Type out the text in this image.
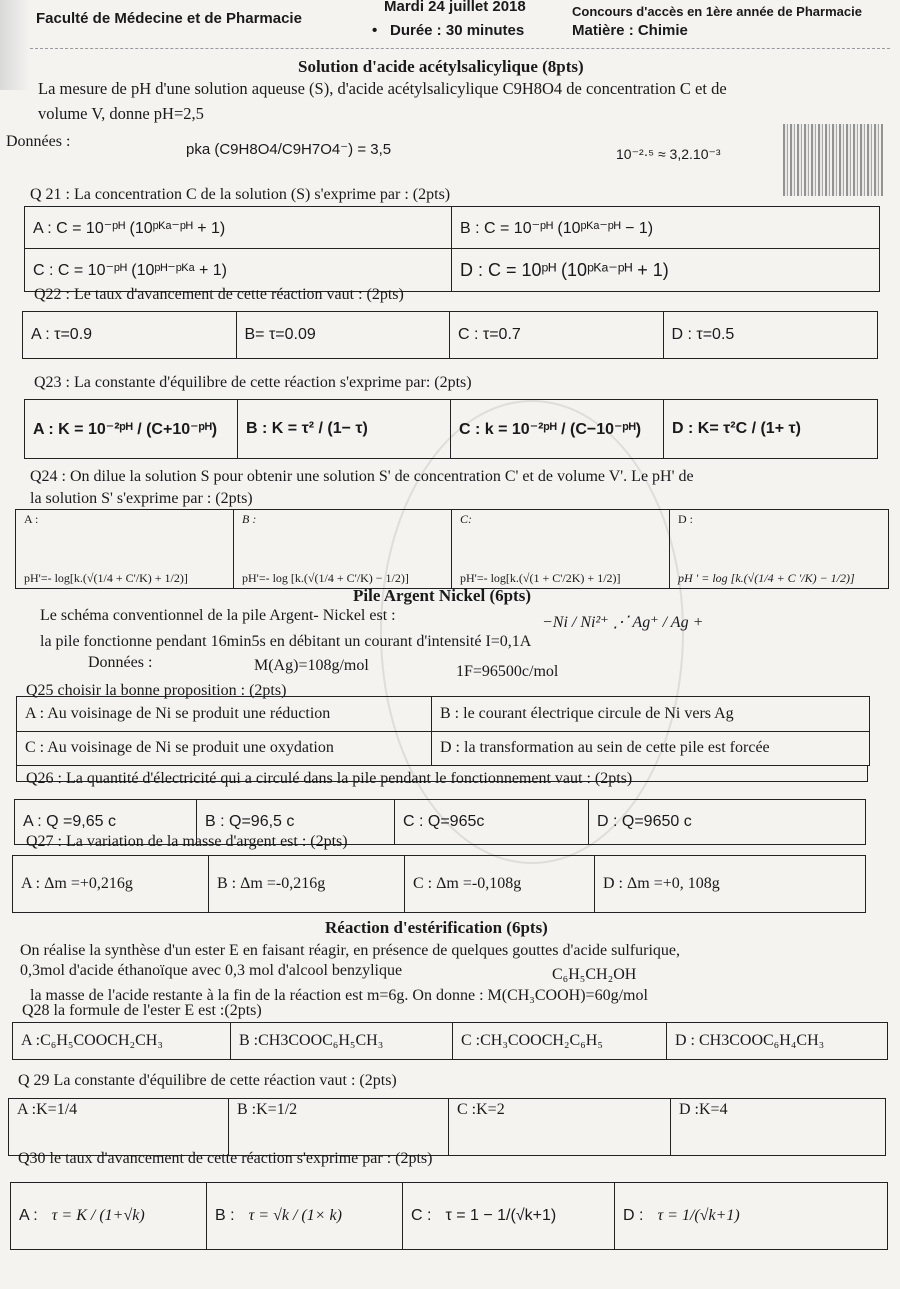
Faculté de Médecine et de Pharmacie
Mardi 24 juillet 2018
• Durée : 30 minutes
Concours d'accès en 1ère année de Pharmacie
Matière : Chimie
Solution d'acide acétylsalicylique (8pts)
La mesure de pH d'une solution aqueuse (S), d'acide acétylsalicylique C9H8O4 de concentration C et de
volume V, donne pH=2,5
Données :	pka (C9H8O4/C9H7O4⁻) = 3,5	10⁻²·⁵ ≈ 3,2.10⁻³
Q 21 : La concentration C de la solution (S) s'exprime par : (2pts)
A : C = 10⁻ᵖᴴ (10ᵖᴷᵃ⁻ᵖᴴ + 1)	B : C = 10⁻ᵖᴴ (10ᵖᴷᵃ⁻ᵖᴴ − 1)
C : C = 10⁻ᵖᴴ (10ᵖᴴ⁻ᵖᴷᵃ + 1)	D : C = 10ᵖᴴ (10ᵖᴷᵃ⁻ᵖᴴ + 1)
Q22 : Le taux d'avancement de cette réaction vaut : (2pts)
A : τ=0.9	B= τ=0.09	C : τ=0.7	D : τ=0.5
Q23 : La constante d'équilibre de cette réaction s'exprime par: (2pts)
A : K = 10⁻²ᵖᴴ / (C+10⁻ᵖᴴ)	B : K = τ² / (1− τ)	C : k = 10⁻²ᵖᴴ / (C−10⁻ᵖᴴ)	D : K= τ²C / (1+ τ)
Q24 : On dilue la solution S pour obtenir une solution S' de concentration C' et de volume V'. Le pH' de
la solution S' s'exprime par : (2pts)
A :
pH'=- log[k.(√(1/4 + C'/K) + 1/2)]
B :
pH'=- log [k.(√(1/4 + C'/K) − 1/2)]
C:
pH'=- log[k.(√(1 + C'/2K) + 1/2)]
D :
pH ' = log [k.(√(1/4 + C '/K) − 1/2)]
Pile Argent Nickel (6pts)
Le schéma conventionnel de la pile Argent- Nickel est :	−Ni / Ni²⁺ ⋰ Ag⁺ / Ag +
la pile fonctionne pendant 16min5s en débitant un courant d'intensité I=0,1A
Données :	M(Ag)=108g/mol	1F=96500c/mol
Q25 choisir la bonne proposition : (2pts)
A : Au voisinage de Ni se produit une réduction	B : le courant électrique circule de Ni vers Ag
C : Au voisinage de Ni se produit une oxydation	D : la transformation au sein de cette pile est forcée
Q26 : La quantité d'électricité qui a circulé dans la pile pendant le fonctionnement vaut : (2pts)
A : Q =9,65 c	B : Q=96,5 c	C : Q=965c	D : Q=9650 c
Q27 : La variation de la masse d'argent est : (2pts)
A : Δm =+0,216g	B : Δm =-0,216g	C : Δm =-0,108g	D : Δm =+0, 108g
Réaction d'estérification (6pts)
On réalise la synthèse d'un ester E en faisant réagir, en présence de quelques gouttes d'acide sulfurique,
0,3mol d'acide éthanoïque avec 0,3 mol d'alcool benzylique	C₆H₅CH₂OH
la masse de l'acide restante à la fin de la réaction est m=6g. On donne : M(CH₃COOH)=60g/mol
Q28 la formule de l'ester E est :(2pts)
A :C₆H₅COOCH₂CH₃	B :CH3COOC₆H₅CH₃	C :CH₃COOCH₂C₆H₅	D : CH3COOC₆H₄CH₃
Q 29 La constante d'équilibre de cette réaction vaut : (2pts)
A :K=1/4	B :K=1/2	C :K=2	D :K=4
Q30 le taux d'avancement de cette réaction s'exprime par : (2pts)
A : τ = K / (1+√k)	B : τ = √k / (1× k)	C : τ = 1 − 1/(√k+1)	D : τ = 1/(√k+1)
